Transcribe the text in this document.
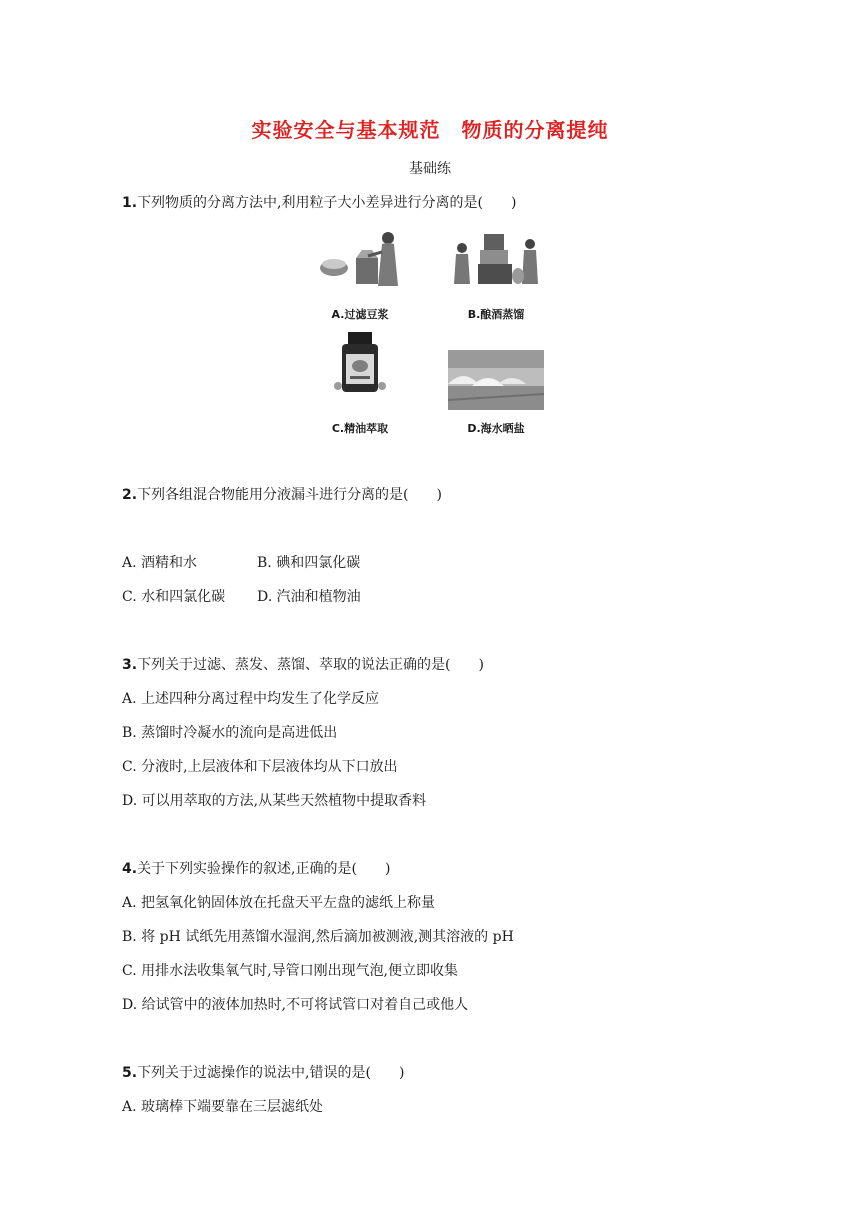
实验安全与基本规范　物质的分离提纯
基础练
1.下列物质的分离方法中,利用粒子大小差异进行分离的是(　　)
A.过滤豆浆	B.酿酒蒸馏
C.精油萃取	D.海水晒盐
2.下列各组混合物能用分液漏斗进行分离的是(　　)
A. 酒精和水	B. 碘和四氯化碳
C. 水和四氯化碳 D. 汽油和植物油
3.下列关于过滤、蒸发、蒸馏、萃取的说法正确的是(　　)
A. 上述四种分离过程中均发生了化学反应
B. 蒸馏时冷凝水的流向是高进低出
C. 分液时,上层液体和下层液体均从下口放出
D. 可以用萃取的方法,从某些天然植物中提取香料
4.关于下列实验操作的叙述,正确的是(　　)
A. 把氢氧化钠固体放在托盘天平左盘的滤纸上称量
B. 将 pH 试纸先用蒸馏水湿润,然后滴加被测液,测其溶液的 pH
C. 用排水法收集氧气时,导管口刚出现气泡,便立即收集
D. 给试管中的液体加热时,不可将试管口对着自己或他人
5.下列关于过滤操作的说法中,错误的是(　　)
A. 玻璃棒下端要靠在三层滤纸处
